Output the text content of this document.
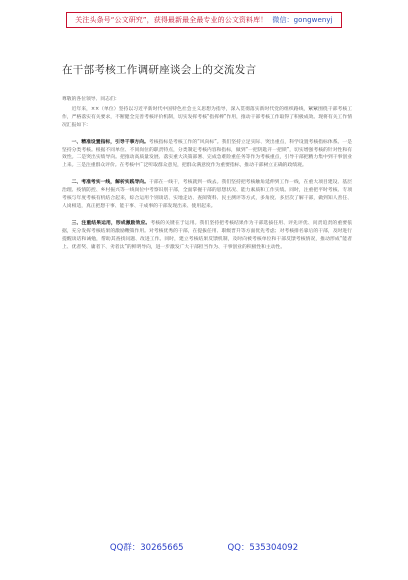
关注头条号“公文研究”，获得最新最全最专业的公文资料库！ 微信：gongwenyj
在干部考核工作调研座谈会上的交流发言

尊敬的各位领导、同志们：

近年来，××（单位）坚持以习近平新时代中国特色社会主义思想为指导，深入贯彻落实新时代党的组织路线，紧紧围绕干部考核工作，严格落实有关要求，不断健全完善考核评价机制，切实发挥考核“指挥棒”作用，推动干部考核工作取得了积极成效。现将有关工作情况汇报如下：

一、精准设置指标，引导干事方向。考核指标是考核工作的“风向标”。我们坚持立足实际、突出重点，科学设置考核指标体系。一是坚持分类考核。根据不同单位、不同岗位的职责特点，分类制定考核内容和指标，做到“一把钥匙开一把锁”，切实增强考核的针对性和有效性。二是突出实绩导向。把推动高质量发展、落实重大决策部署、完成急难险重任务等作为考核重点，引导干部把精力集中到干事创业上来。三是注重群众评价。在考核中广泛听取群众意见，把群众满意度作为重要指标，推动干部树立正确的政绩观。

二、考准考实一线，解析实践导向。干部在一线干，考核就到一线去。我们坚持把考核触角延伸到工作一线，在重大项目建设、基层治理、疫情防控、乡村振兴等一线岗位中考察识别干部，全面掌握干部的思想状况、能力素质和工作实绩。同时，注重把平时考核、专项考核与年度考核有机结合起来，综合运用个别谈话、实地走访、查阅资料、民主测评等方式，多角度、多层次了解干部，做到知人善任、人岗相适，真正把想干事、能干事、干成事的干部发现出来、使用起来。

三、注重结果运用，形成激励效应。考核的关键在于运用。我们坚持把考核结果作为干部选拔任用、评先评优、问责追责的重要依据，充分发挥考核结果的激励鞭策作用。对考核优秀的干部，在提拔任用、职级晋升等方面优先考虑；对考核排名靠后的干部，及时进行提醒谈话和诫勉，帮助其查找问题、改进工作。同时，建立考核结果反馈机制，及时向被考核单位和干部反馈考核情况，推动形成“能者上、优者奖、庸者下、劣者汰”的鲜明导向，进一步激发广大干部担当作为、干事创业的积极性和主动性。

QQ群：30265665	QQ：535304092
